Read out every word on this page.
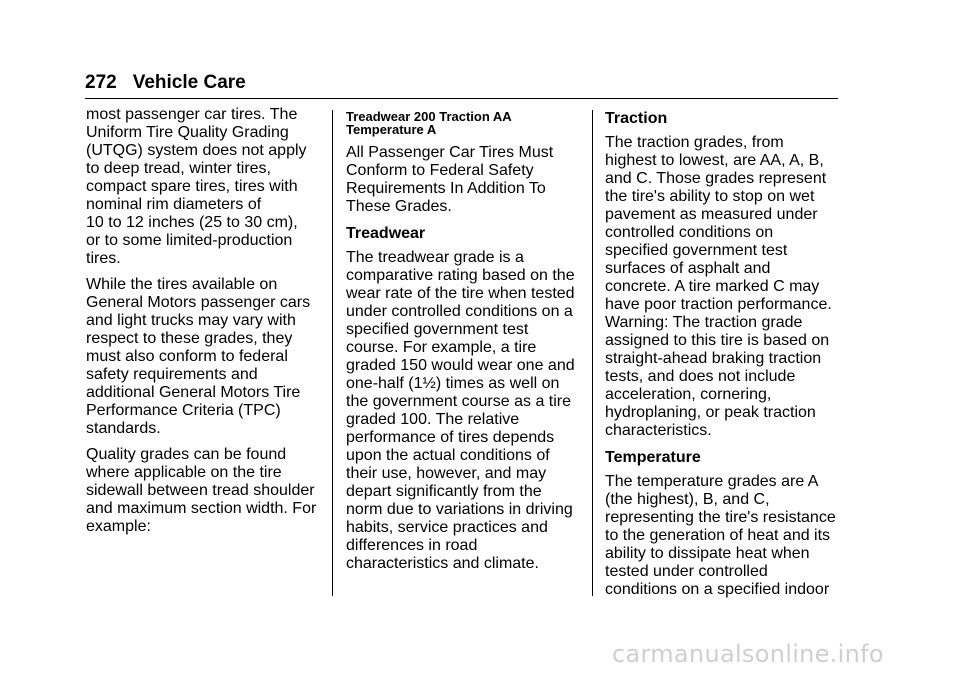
272 Vehicle Care

most passenger car tires. The
Uniform Tire Quality Grading
(UTQG) system does not apply
to deep tread, winter tires,
compact spare tires, tires with
nominal rim diameters of
10 to 12 inches (25 to 30 cm),
or to some limited-production
tires.

While the tires available on
General Motors passenger cars
and light trucks may vary with
respect to these grades, they
must also conform to federal
safety requirements and
additional General Motors Tire
Performance Criteria (TPC)
standards.

Quality grades can be found
where applicable on the tire
sidewall between tread shoulder
and maximum section width. For
example:

Treadwear 200 Traction AA
Temperature A

All Passenger Car Tires Must
Conform to Federal Safety
Requirements In Addition To
These Grades.

Treadwear

The treadwear grade is a
comparative rating based on the
wear rate of the tire when tested
under controlled conditions on a
specified government test
course. For example, a tire
graded 150 would wear one and
one-half (1½) times as well on
the government course as a tire
graded 100. The relative
performance of tires depends
upon the actual conditions of
their use, however, and may
depart significantly from the
norm due to variations in driving
habits, service practices and
differences in road
characteristics and climate.

Traction

The traction grades, from
highest to lowest, are AA, A, B,
and C. Those grades represent
the tire's ability to stop on wet
pavement as measured under
controlled conditions on
specified government test
surfaces of asphalt and
concrete. A tire marked C may
have poor traction performance.
Warning: The traction grade
assigned to this tire is based on
straight-ahead braking traction
tests, and does not include
acceleration, cornering,
hydroplaning, or peak traction
characteristics.

Temperature

The temperature grades are A
(the highest), B, and C,
representing the tire's resistance
to the generation of heat and its
ability to dissipate heat when
tested under controlled
conditions on a specified indoor

carmanualsonline.info
